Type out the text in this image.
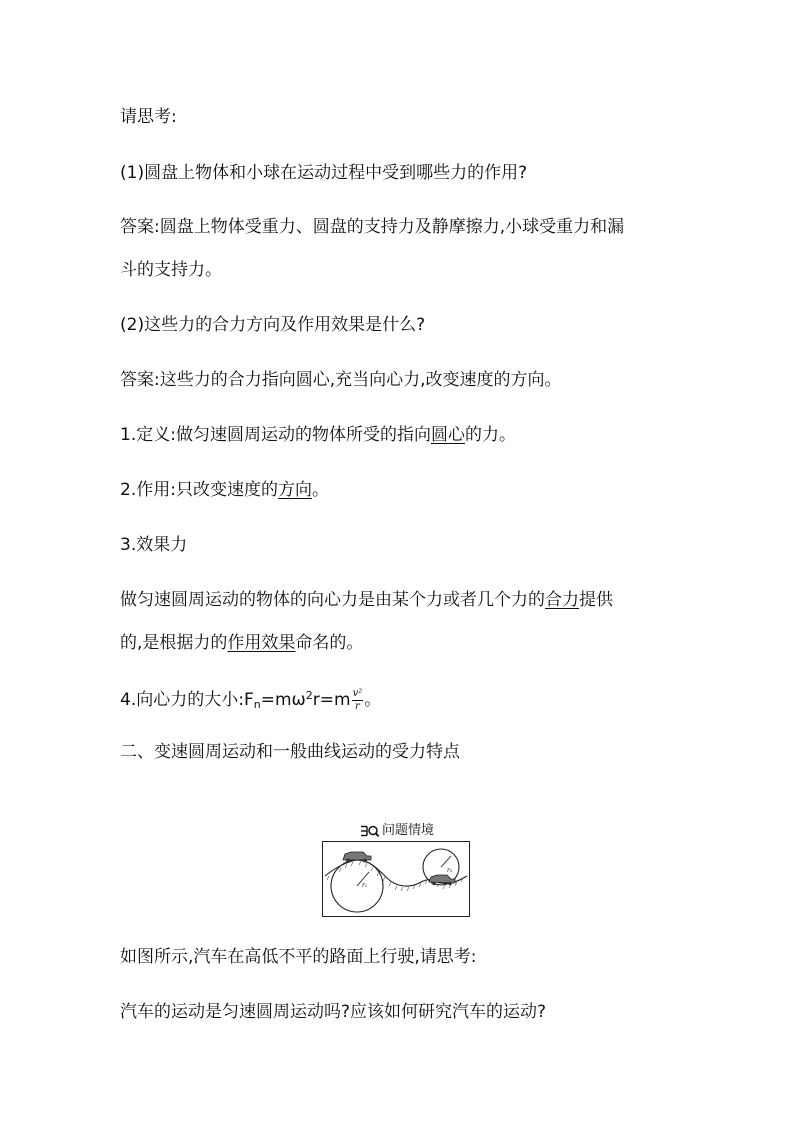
请思考:
(1)圆盘上物体和小球在运动过程中受到哪些力的作用?
答案:圆盘上物体受重力、圆盘的支持力及静摩擦力,小球受重力和漏
斗的支持力。
(2)这些力的合力方向及作用效果是什么?
答案:这些力的合力指向圆心,充当向心力,改变速度的方向。
1.定义:做匀速圆周运动的物体所受的指向圆心的力。
2.作用:只改变速度的方向。
3.效果力
做匀速圆周运动的物体的向心力是由某个力或者几个力的合力提供
的,是根据力的作用效果命名的。
4.向心力的大小$:F_n=m\omega^2r=m \frac{\text{v²}}{r}$ 。
二、变速圆周运动和一般曲线运动的受力特点
问题情境
r₁
r₂
如图所示,汽车在高低不平的路面上行驶,请思考:
汽车的运动是匀速圆周运动吗?应该如何研究汽车的运动?
